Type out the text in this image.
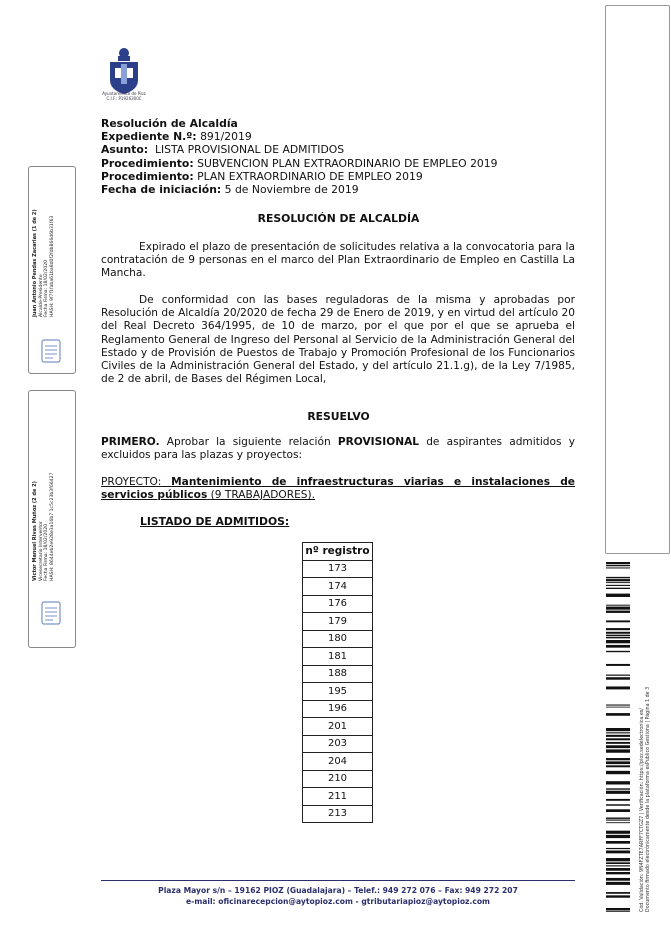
Ayuntamiento de Pioz
C.I.F.: P1926300C
Resolución de Alcaldía
Expediente N.º: 891/2019
Asunto: LISTA PROVISIONAL DE ADMITIDOS
Procedimiento: SUBVENCION PLAN EXTRAORDINARIO DE EMPLEO 2019
Procedimiento: PLAN EXTRAORDINARIO DE EMPLEO 2019
Fecha de iniciación: 5 de Noviembre de 2019
RESOLUCIÓN DE ALCALDÍA
Expirado el plazo de presentación de solicitudes relativa a la convocatoria para la contratación de 9 personas en el marco del Plan Extraordinario de Empleo en Castilla La Mancha.
De conformidad con las bases reguladoras de la misma y aprobadas por Resolución de Alcaldía 20/2020 de fecha 29 de Enero de 2019, y en virtud del artículo 20 del Real Decreto 364/1995, de 10 de marzo, por el que por el que se aprueba el Reglamento General de Ingreso del Personal al Servicio de la Administración General del Estado y de Provisión de Puestos de Trabajo y Promoción Profesional de los Funcionarios Civiles de la Administración General del Estado, y del artículo 21.1.g), de la Ley 7/1985, de 2 de abril, de Bases del Régimen Local,
RESUELVO
PRIMERO. Aprobar la siguiente relación PROVISIONAL de aspirantes admitidos y excluidos para las plazas y proyectos:
PROYECTO: Mantenimiento de infraestructuras viarias e instalaciones de servicios públicos (9 TRABAJADORES).
LISTADO DE ADMITIDOS:
nº registro
173
174
176
179
180
181
188
195
196
201
203
204
210
211
213
Plaza Mayor s/n – 19162 PIOZ (Guadalajara) – Telef.: 949 272 076 – Fax: 949 272 207
e-mail: oficinarecepcion@aytopioz.com - gtributariapioz@aytopioz.com
Juan Antonio Pendas Zacarias (1 de 2) Alcalde-Presidente Fecha Firma: 18/02/2020 HASH: 9f7f1faba61ba8d0f2fdb866d6b31f63
Victor Manuel Rivas Muñoz (2 de 2) Vicesecretario Interventor Fecha Firma: 18/02/2020 HASH: 8644eb2e928e3a16b7 1c5c23b3f66427
Cód. Validación: 9N4FZTE7ARFF7CTGZ7 | Verificación: https://pioz.sedelectronica.es/ Documento firmado electrónicamente desde la plataforma esPublico Gestiona | Página 1 de 3
